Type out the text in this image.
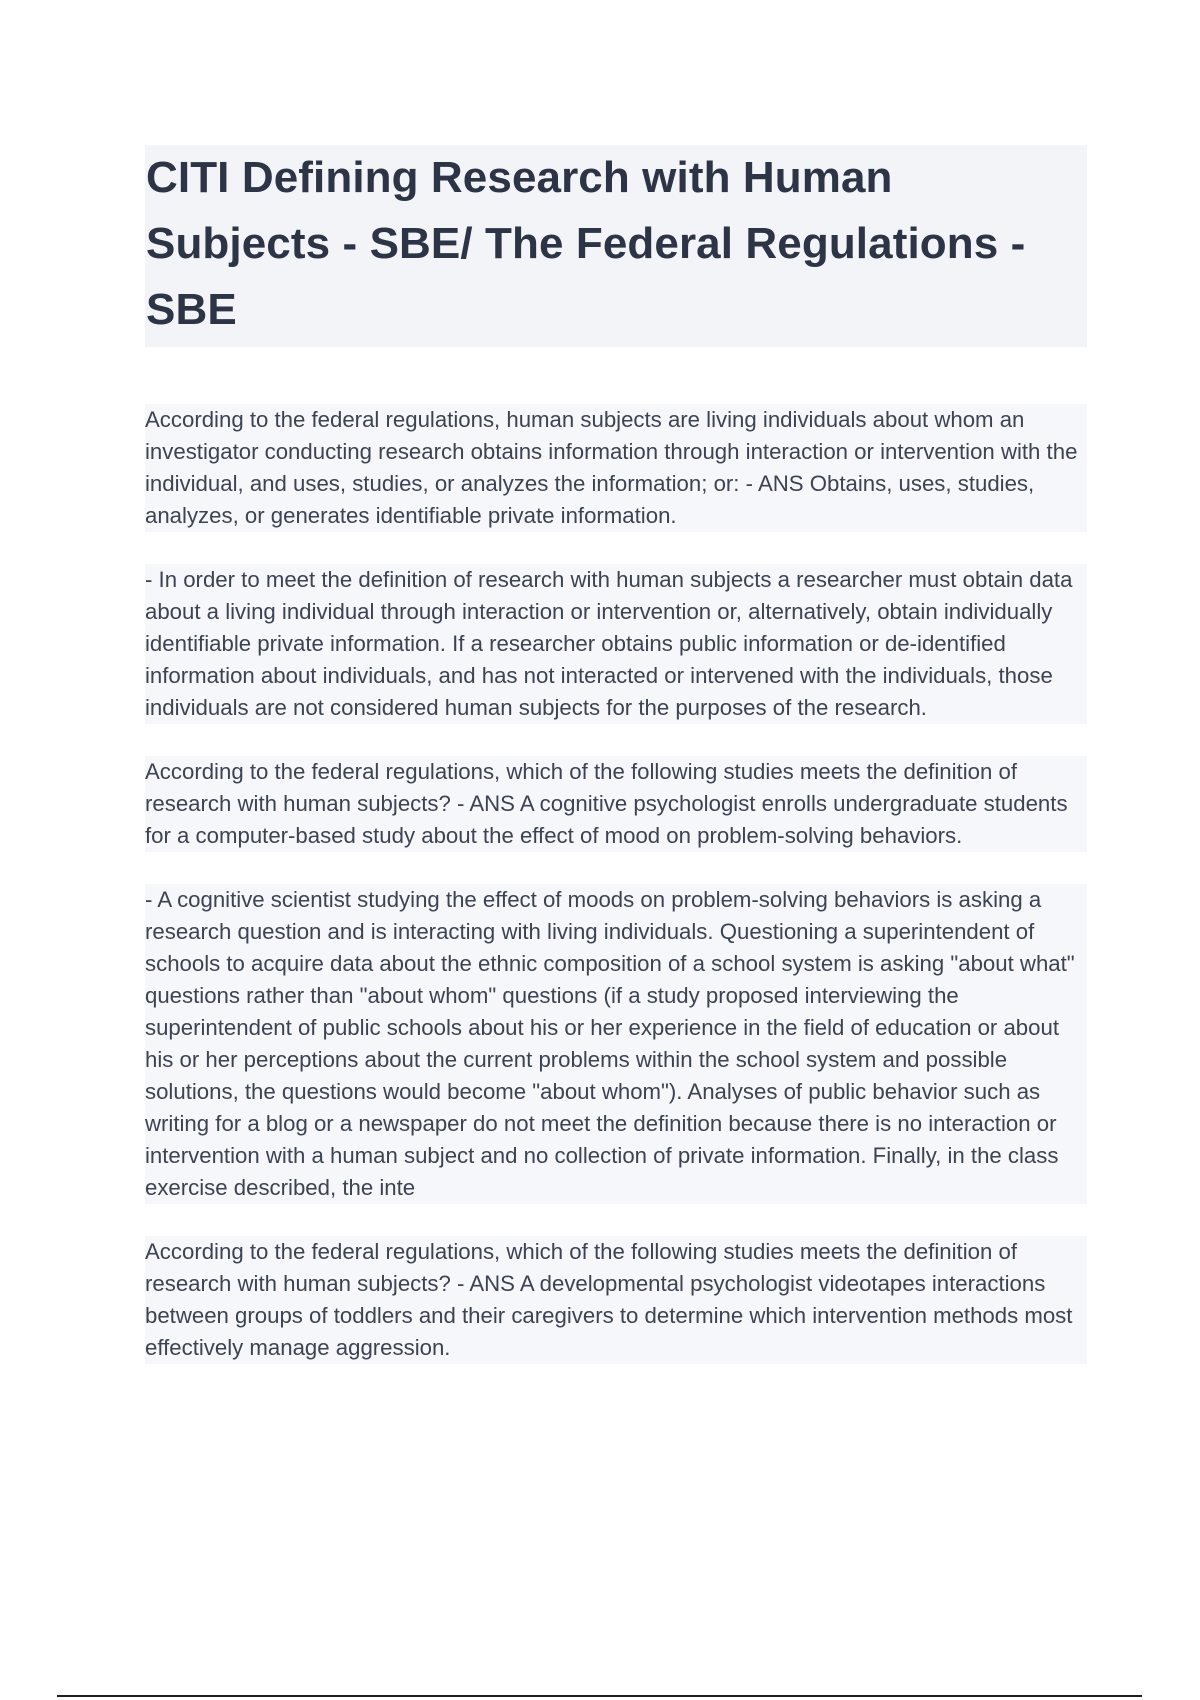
CITI Defining Research with Human Subjects - SBE/ The Federal Regulations - SBE

According to the federal regulations, human subjects are living individuals about whom an investigator conducting research obtains information through interaction or intervention with the individual, and uses, studies, or analyzes the information; or: - ANS Obtains, uses, studies, analyzes, or generates identifiable private information.

- In order to meet the definition of research with human subjects a researcher must obtain data about a living individual through interaction or intervention or, alternatively, obtain individually identifiable private information. If a researcher obtains public information or de-identified information about individuals, and has not interacted or intervened with the individuals, those individuals are not considered human subjects for the purposes of the research.

According to the federal regulations, which of the following studies meets the definition of research with human subjects? - ANS A cognitive psychologist enrolls undergraduate students for a computer-based study about the effect of mood on problem-solving behaviors.

- A cognitive scientist studying the effect of moods on problem-solving behaviors is asking a research question and is interacting with living individuals. Questioning a superintendent of schools to acquire data about the ethnic composition of a school system is asking "about what" questions rather than "about whom" questions (if a study proposed interviewing the superintendent of public schools about his or her experience in the field of education or about his or her perceptions about the current problems within the school system and possible solutions, the questions would become "about whom"). Analyses of public behavior such as writing for a blog or a newspaper do not meet the definition because there is no interaction or intervention with a human subject and no collection of private information. Finally, in the class exercise described, the inte

According to the federal regulations, which of the following studies meets the definition of research with human subjects? - ANS A developmental psychologist videotapes interactions between groups of toddlers and their caregivers to determine which intervention methods most effectively manage aggression.
